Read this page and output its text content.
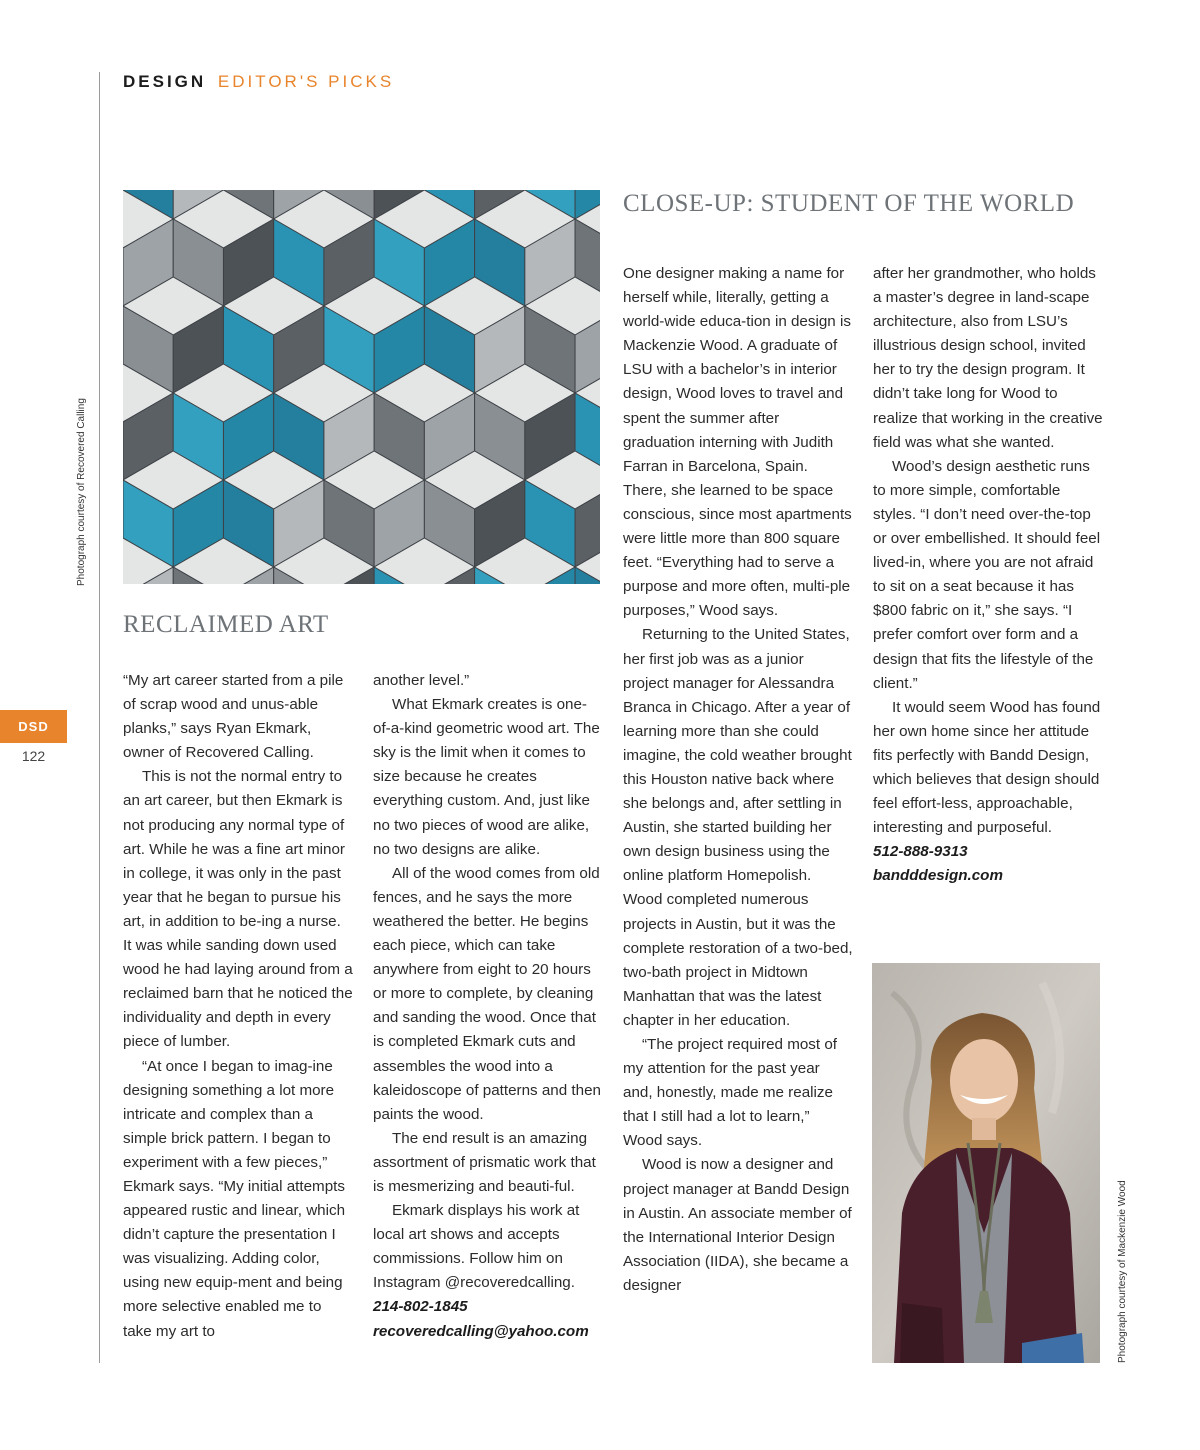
DESIGN EDITOR'S PICKS
DSD
122
Photograph courtesy of Recovered Calling
Photograph courtesy of Mackenzie Wood
RECLAIMED ART
CLOSE-UP: STUDENT OF THE WORLD

“My art career started from a pile of scrap wood and unus-able planks,” says Ryan Ekmark, owner of Recovered Calling.

This is not the normal entry to an art career, but then Ekmark is not producing any normal type of art. While he was a fine art minor in college, it was only in the past year that he began to pursue his art, in addition to be-ing a nurse. It was while sanding down used wood he had laying around from a reclaimed barn that he noticed the individuality and depth in every piece of lumber.

“At once I began to imag-ine designing something a lot more intricate and complex than a simple brick pattern. I began to experiment with a few pieces,” Ekmark says. “My initial attempts appeared rustic and linear, which didn’t capture the presentation I was visualizing. Adding color, using new equip-ment and being more selective enabled me to take my art to

another level.”

What Ekmark creates is one-of-a-kind geometric wood art. The sky is the limit when it comes to size because he creates everything custom. And, just like no two pieces of wood are alike, no two designs are alike.

All of the wood comes from old fences, and he says the more weathered the better. He begins each piece, which can take anywhere from eight to 20 hours or more to complete, by cleaning and sanding the wood. Once that is completed Ekmark cuts and assembles the wood into a kaleidoscope of patterns and then paints the wood.

The end result is an amazing assortment of prismatic work that is mesmerizing and beauti-ful.

Ekmark displays his work at local art shows and accepts commissions. Follow him on Instagram @recoveredcalling.

214-802-1845

recoveredcalling@yahoo.com

One designer making a name for herself while, literally, getting a world-wide educa-tion in design is Mackenzie Wood. A graduate of LSU with a bachelor’s in interior design, Wood loves to travel and spent the summer after graduation interning with Judith Farran in Barcelona, Spain. There, she learned to be space conscious, since most apartments were little more than 800 square feet. “Everything had to serve a purpose and more often, multi-ple purposes,” Wood says.

Returning to the United States, her first job was as a junior project manager for Alessandra Branca in Chicago. After a year of learning more than she could imagine, the cold weather brought this Houston native back where she belongs and, after settling in Austin, she started building her own design business using the online platform Homepolish. Wood completed numerous projects in Austin, but it was the complete restoration of a two-bed, two-bath project in Midtown Manhattan that was the latest chapter in her education.

“The project required most of my attention for the past year and, honestly, made me realize that I still had a lot to learn,” Wood says.

Wood is now a designer and project manager at Bandd Design in Austin. An associate member of the International Interior Design Association (IIDA), she became a designer

after her grandmother, who holds a master’s degree in land-scape architecture, also from LSU’s illustrious design school, invited her to try the design program. It didn’t take long for Wood to realize that working in the creative field was what she wanted.

Wood’s design aesthetic runs to more simple, comfortable styles. “I don’t need over-the-top or over embellished. It should feel lived-in, where you are not afraid to sit on a seat because it has $800 fabric on it,” she says. “I prefer comfort over form and a design that fits the lifestyle of the client.”

It would seem Wood has found her own home since her attitude fits perfectly with Bandd Design, which believes that design should feel effort-less, approachable, interesting and purposeful.

512-888-9313

bandddesign.com
